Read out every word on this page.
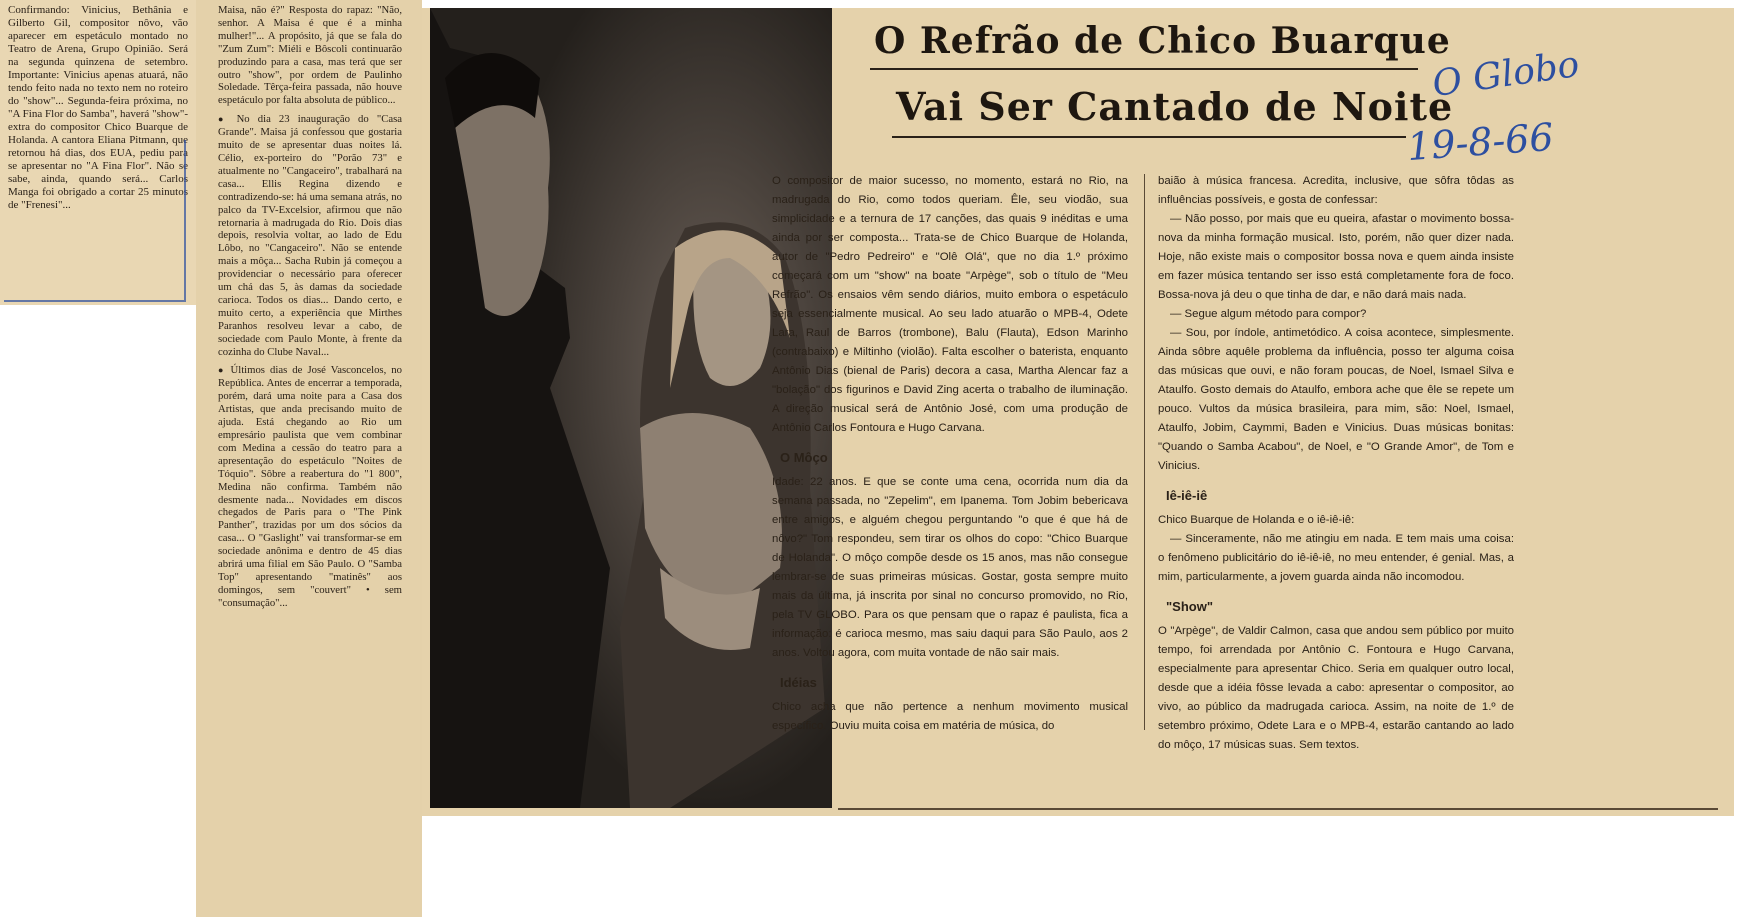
Confirmando: Vinicius, Bethânia e Gilberto Gil, compositor nôvo, vão aparecer em espetáculo montado no Teatro de Arena, Grupo Opinião. Será na segunda quinzena de setembro. Importante: Vinicius apenas atuará, não tendo feito nada no texto nem no roteiro do "show"... Segunda-feira próxima, no "A Fina Flor do Samba", haverá "show"-extra do compositor Chico Buarque de Holanda. A cantora Eliana Pitmann, que retornou há dias, dos EUA, pediu para se apresentar no "A Fina Flor". Não se sabe, ainda, quando será... Carlos Manga foi obrigado a cortar 25 minutos de "Frenesi"...

Maisa, não é?" Resposta do rapaz: "Não, senhor. A Maisa é que é a minha mulher!"... A propósito, já que se fala do "Zum Zum": Miéli e Bôscoli continuarão produzindo para a casa, mas terá que ser outro "show", por ordem de Paulinho Soledade. Têrça-feira passada, não houve espetáculo por falta absoluta de público...

● No dia 23 inauguração do "Casa Grande". Maisa já confessou que gostaria muito de se apresentar duas noites lá. Célio, ex-porteiro do "Porão 73" e atualmente no "Cangaceiro", trabalhará na casa... Ellis Regina dizendo e contradizendo-se: há uma semana atrás, no palco da TV-Excelsior, afirmou que não retornaria à madrugada do Rio. Dois dias depois, resolvia voltar, ao lado de Edu Lôbo, no "Cangaceiro". Não se entende mais a môça... Sacha Rubin já começou a providenciar o necessário para oferecer um chá das 5, às damas da sociedade carioca. Todos os dias... Dando certo, e muito certo, a experiência que Mirthes Paranhos resolveu levar a cabo, de sociedade com Paulo Monte, à frente da cozinha do Clube Naval...

● Últimos dias de José Vasconcelos, no República. Antes de encerrar a temporada, porém, dará uma noite para a Casa dos Artistas, que anda precisando muito de ajuda. Está chegando ao Rio um empresário paulista que vem combinar com Medina a cessão do teatro para a apresentação do espetáculo "Noites de Tóquio". Sôbre a reabertura do "1 800", Medina não confirma. Também não desmente nada... Novidades em discos chegados de Paris para o "The Pink Panther", trazidas por um dos sócios da casa... O "Gaslight" vai transformar-se em sociedade anônima e dentro de 45 dias abrirá uma filial em São Paulo. O "Samba Top" apresentando "matinês" aos domingos, sem "couvert" • sem "consumação"...

O Refrão de Chico Buarque
Vai Ser Cantado de Noite
O Globo
19-8-66

O compositor de maior sucesso, no momento, estará no Rio, na madrugada do Rio, como todos queriam. Êle, seu viodão, sua simplicidade e a ternura de 17 canções, das quais 9 inéditas e uma ainda por ser composta... Trata-se de Chico Buarque de Holanda, autor de "Pedro Pedreiro" e "Olê Olá", que no dia 1.º próximo começará com um "show" na boate "Arpège", sob o título de "Meu Refrão". Os ensaios vêm sendo diários, muito embora o espetáculo seja essencialmente musical. Ao seu lado atuarão o MPB-4, Odete Lara, Raul de Barros (trombone), Balu (Flauta), Edson Marinho (contrabaixo) e Miltinho (violão). Falta escolher o baterista, enquanto Antônio Dias (bienal de Paris) decora a casa, Martha Alencar faz a "bolação" dos figurinos e David Zing acerta o trabalho de iluminação. A direção musical será de Antônio José, com uma produção de Antônio Carlos Fontoura e Hugo Carvana.

O Môço

Idade: 22 anos. E que se conte uma cena, ocorrida num dia da semana passada, no "Zepelim", em Ipanema. Tom Jobim bebericava entre amigos, e alguém chegou perguntando "o que é que há de nôvo?" Tom respondeu, sem tirar os olhos do copo: "Chico Buarque de Holanda". O môço compõe desde os 15 anos, mas não consegue lembrar-se de suas primeiras músicas. Gostar, gosta sempre muito mais da última, já inscrita por sinal no concurso promovido, no Rio, pela TV GLOBO. Para os que pensam que o rapaz é paulista, fica a informação: é carioca mesmo, mas saiu daqui para São Paulo, aos 2 anos. Voltou agora, com muita vontade de não sair mais.

Idéias

Chico acha que não pertence a nenhum movimento musical específico. Ouviu muita coisa em matéria de música, do

baião à música francesa. Acredita, inclusive, que sôfra tôdas as influências possíveis, e gosta de confessar:

— Não posso, por mais que eu queira, afastar o movimento bossa-nova da minha formação musical. Isto, porém, não quer dizer nada. Hoje, não existe mais o compositor bossa nova e quem ainda insiste em fazer música tentando ser isso está completamente fora de foco. Bossa-nova já deu o que tinha de dar, e não dará mais nada.

— Segue algum método para compor?

— Sou, por índole, antimetódico. A coisa acontece, simplesmente. Ainda sôbre aquêle problema da influência, posso ter alguma coisa das músicas que ouvi, e não foram poucas, de Noel, Ismael Silva e Ataulfo. Gosto demais do Ataulfo, embora ache que êle se repete um pouco. Vultos da música brasileira, para mim, são: Noel, Ismael, Ataulfo, Jobim, Caymmi, Baden e Vinicius. Duas músicas bonitas: "Quando o Samba Acabou", de Noel, e "O Grande Amor", de Tom e Vinicius.

Iê-iê-iê

Chico Buarque de Holanda e o iê-iê-iê:

— Sinceramente, não me atingiu em nada. E tem mais uma coisa: o fenômeno publicitário do iê-iê-iê, no meu entender, é genial. Mas, a mim, particularmente, a jovem guarda ainda não incomodou.

"Show"

O "Arpège", de Valdir Calmon, casa que andou sem público por muito tempo, foi arrendada por Antônio C. Fontoura e Hugo Carvana, especialmente para apresentar Chico. Seria em qualquer outro local, desde que a idéia fôsse levada a cabo: apresentar o compositor, ao vivo, ao público da madrugada carioca. Assim, na noite de 1.º de setembro próximo, Odete Lara e o MPB-4, estarão cantando ao lado do môço, 17 músicas suas. Sem textos.
